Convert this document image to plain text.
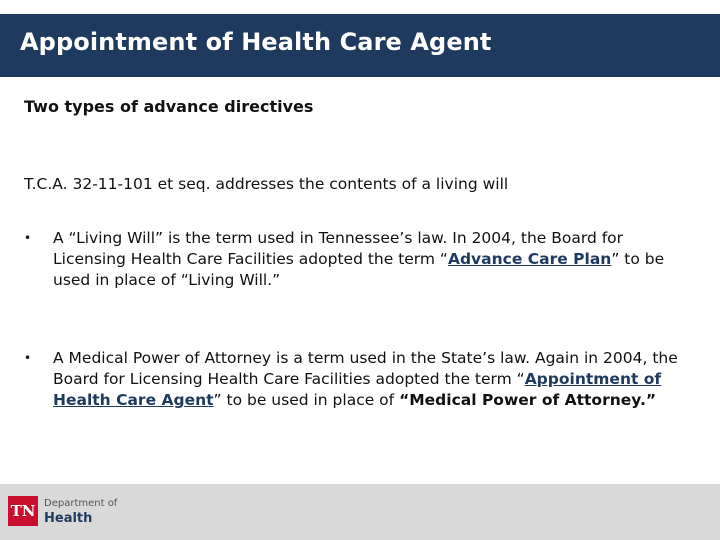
Appointment of Health Care Agent
Two types of advance directives
T.C.A. 32-11-101 et seq. addresses the contents of a living will
• A “Living Will” is the term used in Tennessee’s law. In 2004, the Board for Licensing Health Care Facilities adopted the term “Advance Care Plan” to be used in place of “Living Will.”
• A Medical Power of Attorney is a term used in the State’s law. Again in 2004, the Board for Licensing Health Care Facilities adopted the term “Appointment of Health Care Agent” to be used in place of “Medical Power of Attorney.”
TN Department of
Health
